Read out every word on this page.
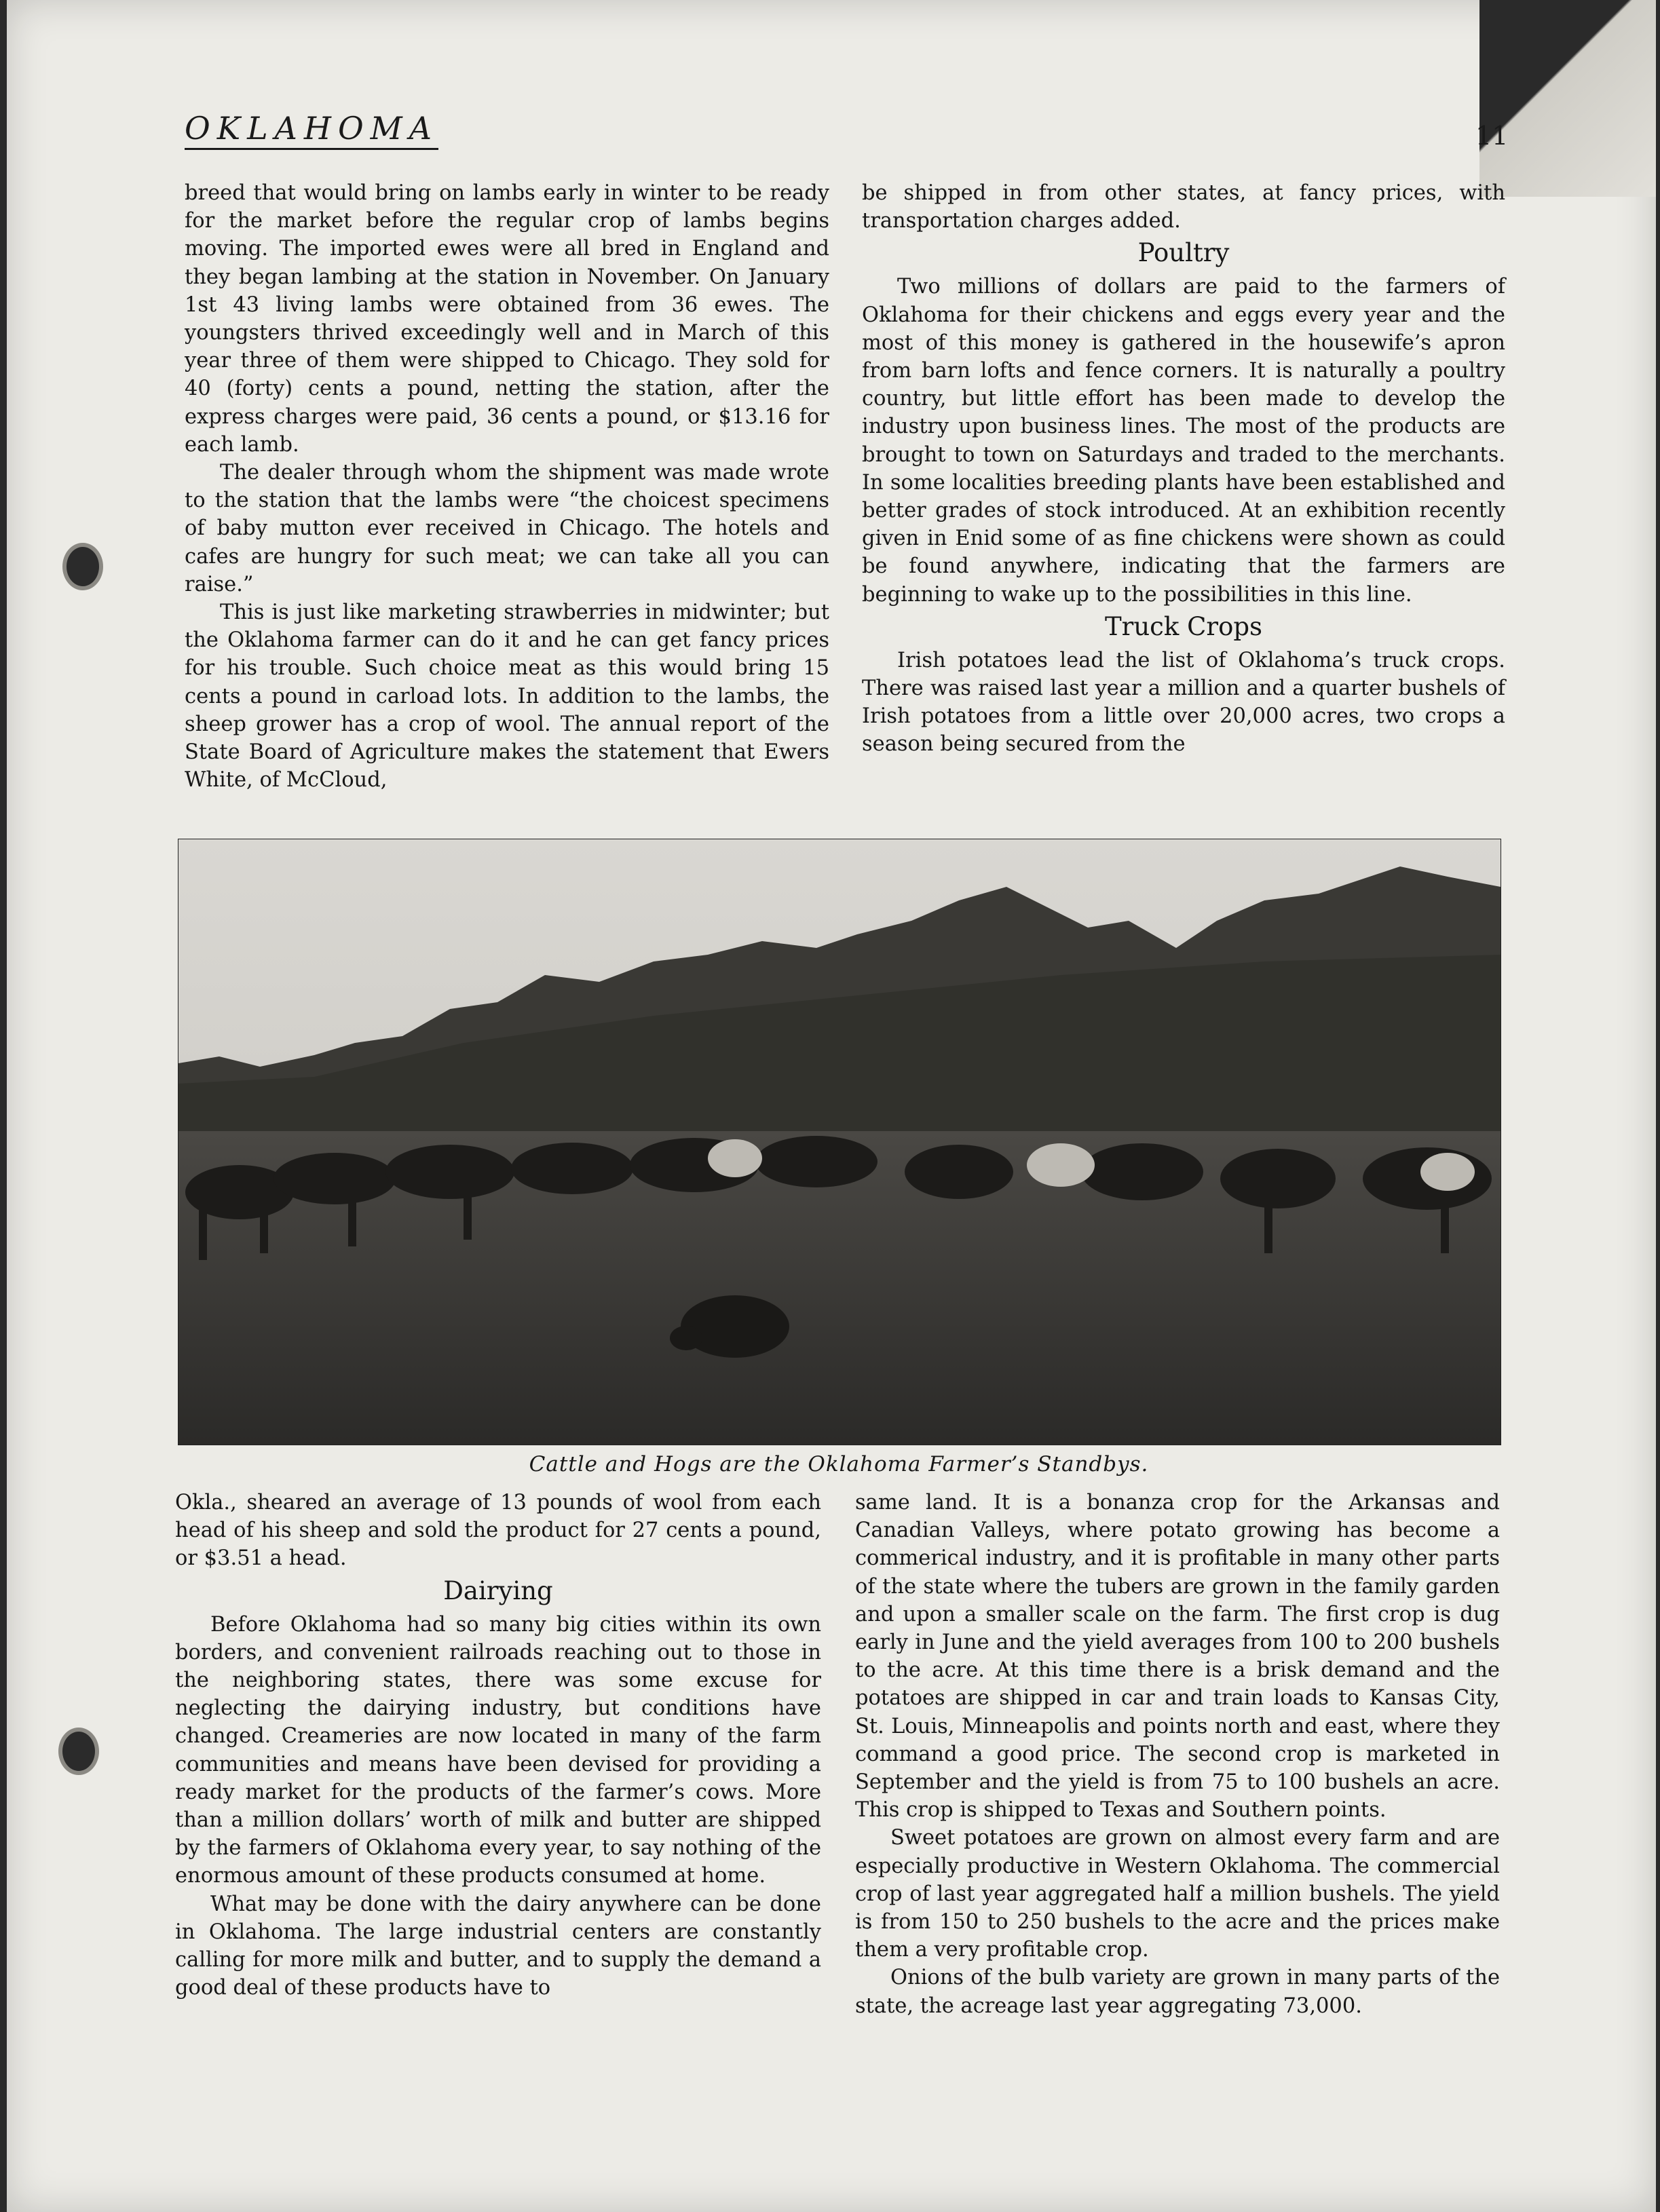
OKLAHOMA	11

breed that would bring on lambs early in winter to be ready for the market before the regular crop of lambs begins moving. The imported ewes were all bred in England and they began lambing at the station in November. On January 1st 43 living lambs were obtained from 36 ewes. The youngsters thrived exceedingly well and in March of this year three of them were shipped to Chicago. They sold for 40 (forty) cents a pound, netting the station, after the express charges were paid, 36 cents a pound, or $13.16 for each lamb.

The dealer through whom the shipment was made wrote to the station that the lambs were “the choicest specimens of baby mutton ever received in Chicago. The hotels and cafes are hungry for such meat; we can take all you can raise.”

This is just like marketing strawberries in midwinter; but the Oklahoma farmer can do it and he can get fancy prices for his trouble. Such choice meat as this would bring 15 cents a pound in carload lots. In addition to the lambs, the sheep grower has a crop of wool. The annual report of the State Board of Agriculture makes the statement that Ewers White, of McCloud,

be shipped in from other states, at fancy prices, with transportation charges added.

Poultry

Two millions of dollars are paid to the farmers of Oklahoma for their chickens and eggs every year and the most of this money is gathered in the housewife’s apron from barn lofts and fence corners. It is naturally a poultry country, but little effort has been made to develop the industry upon business lines. The most of the products are brought to town on Saturdays and traded to the merchants. In some localities breeding plants have been established and better grades of stock introduced. At an exhibition recently given in Enid some of as fine chickens were shown as could be found anywhere, indicating that the farmers are beginning to wake up to the possibilities in this line.

Truck Crops

Irish potatoes lead the list of Oklahoma’s truck crops. There was raised last year a million and a quarter bushels of Irish potatoes from a little over 20,000 acres, two crops a season being secured from the

Cattle and Hogs are the Oklahoma Farmer’s Standbys.

Okla., sheared an average of 13 pounds of wool from each head of his sheep and sold the product for 27 cents a pound, or $3.51 a head.

Dairying

Before Oklahoma had so many big cities within its own borders, and convenient railroads reaching out to those in the neighboring states, there was some excuse for neglecting the dairying industry, but conditions have changed. Creameries are now located in many of the farm communities and means have been devised for providing a ready market for the products of the farmer’s cows. More than a million dollars’ worth of milk and butter are shipped by the farmers of Oklahoma every year, to say nothing of the enormous amount of these products consumed at home.

What may be done with the dairy anywhere can be done in Oklahoma. The large industrial centers are constantly calling for more milk and butter, and to supply the demand a good deal of these products have to

same land. It is a bonanza crop for the Arkansas and Canadian Valleys, where potato growing has become a commerical industry, and it is profitable in many other parts of the state where the tubers are grown in the family garden and upon a smaller scale on the farm. The first crop is dug early in June and the yield averages from 100 to 200 bushels to the acre. At this time there is a brisk demand and the potatoes are shipped in car and train loads to Kansas City, St. Louis, Minneapolis and points north and east, where they command a good price. The second crop is marketed in September and the yield is from 75 to 100 bushels an acre. This crop is shipped to Texas and Southern points.

Sweet potatoes are grown on almost every farm and are especially productive in Western Oklahoma. The commercial crop of last year aggregated half a million bushels. The yield is from 150 to 250 bushels to the acre and the prices make them a very profitable crop.

Onions of the bulb variety are grown in many parts of the state, the acreage last year aggregating 73,000.
